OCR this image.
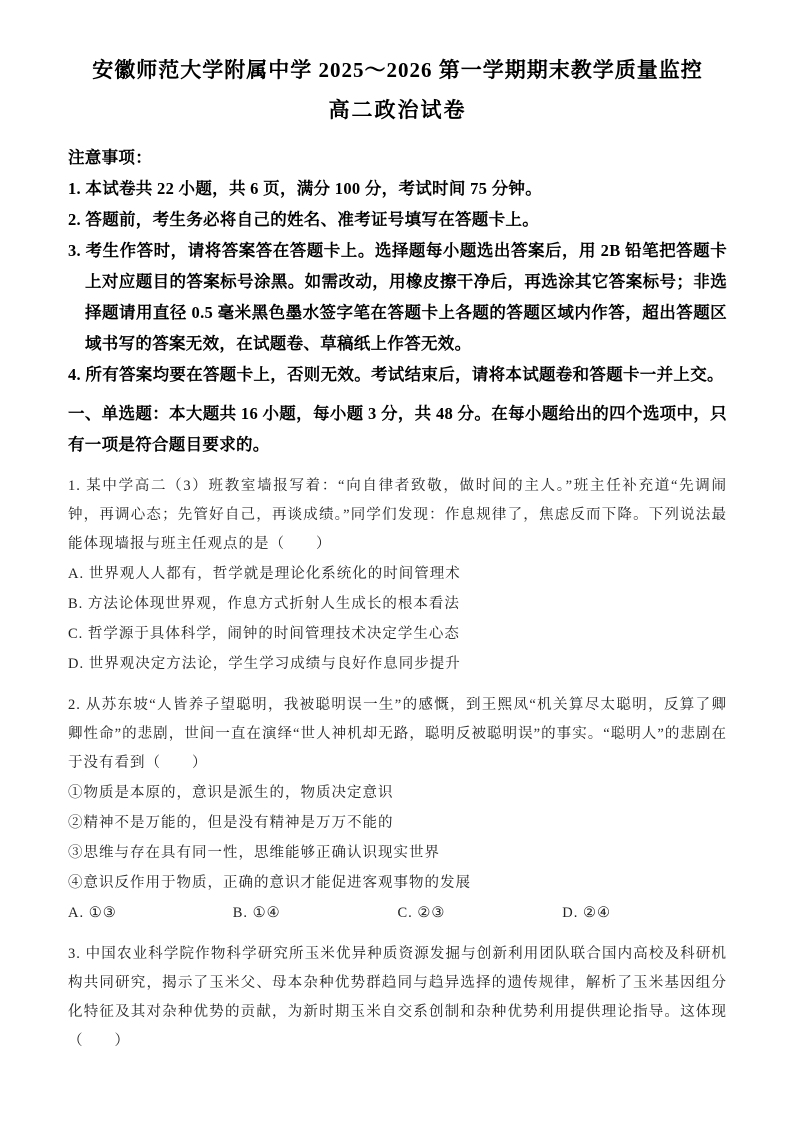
安徽师范大学附属中学 2025～2026 第一学期期末教学质量监控
高二政治试卷

注意事项：

1. 本试卷共 22 小题，共 6 页，满分 100 分，考试时间 75 分钟。

2. 答题前，考生务必将自己的姓名、准考证号填写在答题卡上。

3. 考生作答时，请将答案答在答题卡上。选择题每小题选出答案后，用 2B 铅笔把答题卡上对应题目的答案标号涂黑。如需改动，用橡皮擦干净后，再选涂其它答案标号；非选择题请用直径 0.5 毫米黑色墨水签字笔在答题卡上各题的答题区域内作答，超出答题区域书写的答案无效，在试题卷、草稿纸上作答无效。

4. 所有答案均要在答题卡上，否则无效。考试结束后，请将本试题卷和答题卡一并上交。

一、单选题：本大题共 16 小题，每小题 3 分，共 48 分。在每小题给出的四个选项中，只有一项是符合题目要求的。

1. 某中学高二（3）班教室墙报写着：“向自律者致敬，做时间的主人。”班主任补充道“先调闹钟，再调心态；先管好自己，再谈成绩。”同学们发现：作息规律了，焦虑反而下降。下列说法最能体现墙报与班主任观点的是（　　）

A. 世界观人人都有，哲学就是理论化系统化的时间管理术

B. 方法论体现世界观，作息方式折射人生成长的根本看法

C. 哲学源于具体科学，闹钟的时间管理技术决定学生心态

D. 世界观决定方法论，学生学习成绩与良好作息同步提升

2. 从苏东坡“人皆养子望聪明，我被聪明误一生”的感慨，到王熙凤“机关算尽太聪明，反算了卿卿性命”的悲剧，世间一直在演绎“世人神机却无路，聪明反被聪明误”的事实。“聪明人”的悲剧在于没有看到（　　）

①物质是本原的，意识是派生的，物质决定意识

②精神不是万能的，但是没有精神是万万不能的

③思维与存在具有同一性，思维能够正确认识现实世界

④意识反作用于物质，正确的意识才能促进客观事物的发展

A. ①③	B. ①④	C. ②③	D. ②④

3. 中国农业科学院作物科学研究所玉米优异种质资源发掘与创新利用团队联合国内高校及科研机构共同研究，揭示了玉米父、母本杂种优势群趋同与趋异选择的遗传规律，解析了玉米基因组分化特征及其对杂种优势的贡献，为新时期玉米自交系创制和杂种优势利用提供理论指导。这体现（　　）
